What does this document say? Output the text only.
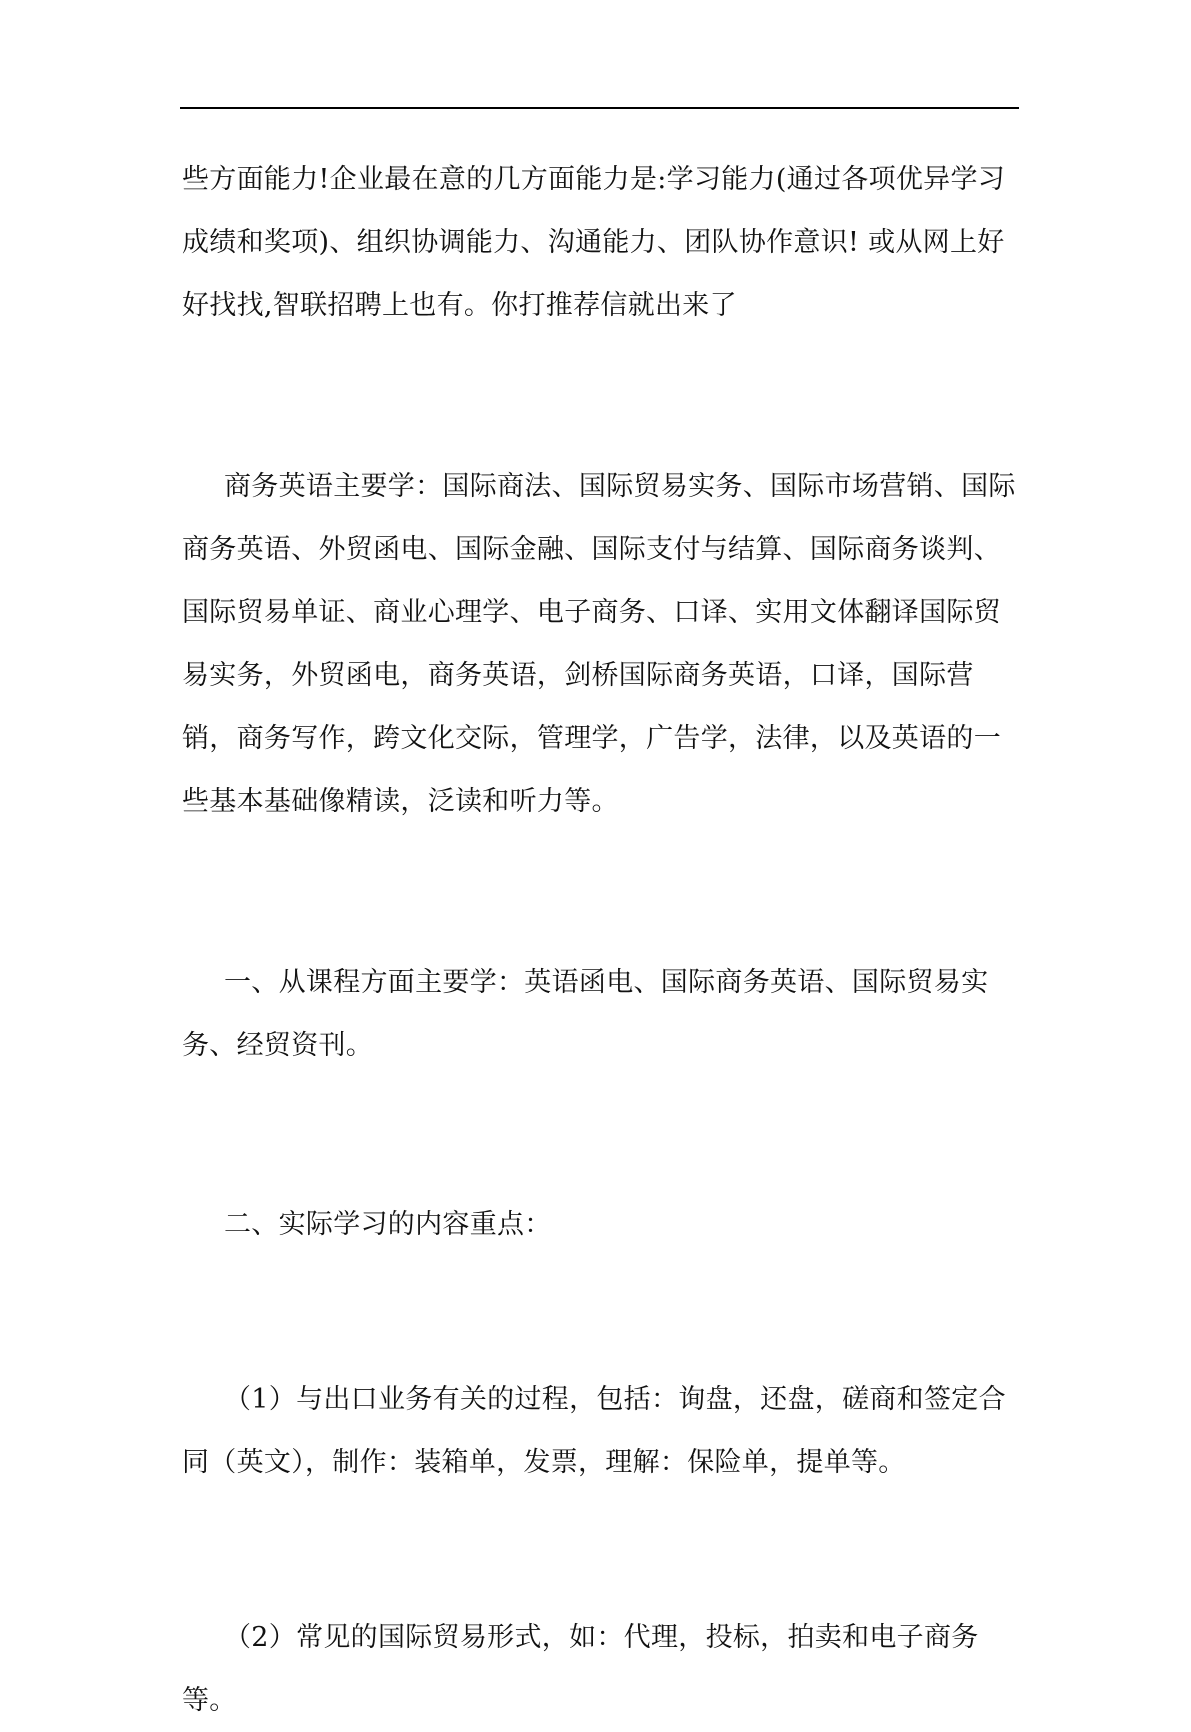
些方面能力!企业最在意的几方面能力是:学习能力(通过各项优异学习成绩和奖项)、组织协调能力、沟通能力、团队协作意识! 或从网上好好找找,智联招聘上也有。你打推荐信就出来了

商务英语主要学：国际商法、国际贸易实务、国际市场营销、国际商务英语、外贸函电、国际金融、国际支付与结算、国际商务谈判、国际贸易单证、商业心理学、电子商务、口译、实用文体翻译国际贸易实务，外贸函电，商务英语，剑桥国际商务英语，口译，国际营销，商务写作，跨文化交际，管理学，广告学，法律，以及英语的一些基本基础像精读，泛读和听力等。

一、从课程方面主要学：英语函电、国际商务英语、国际贸易实务、经贸资刊。

二、实际学习的内容重点：

（1）与出口业务有关的过程，包括：询盘，还盘，磋商和签定合同（英文），制作：装箱单，发票，理解：保险单，提单等。

（2）常见的国际贸易形式，如：代理，投标，拍卖和电子商务等。
